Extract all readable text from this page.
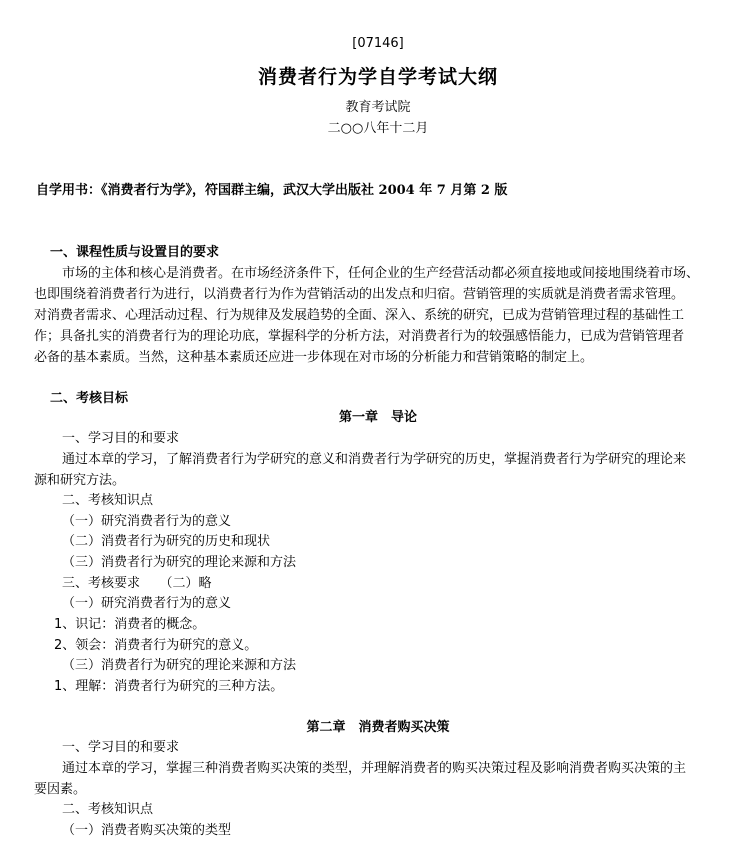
[07146]
消费者行为学自学考试大纲
教育考试院
二○○八年十二月
自学用书：《消费者行为学》，符国群主编，武汉大学出版社 2004 年 7 月第 2 版
一、课程性质与设置目的要求
市场的主体和核心是消费者。在市场经济条件下，任何企业的生产经营活动都必须直接地或间接地围绕着市场、
也即围绕着消费者行为进行，以消费者行为作为营销活动的出发点和归宿。营销管理的实质就是消费者需求管理。
对消费者需求、心理活动过程、行为规律及发展趋势的全面、深入、系统的研究，已成为营销管理过程的基础性工
作；具备扎实的消费者行为的理论功底，掌握科学的分析方法，对消费者行为的较强感悟能力，已成为营销管理者
必备的基本素质。当然，这种基本素质还应进一步体现在对市场的分析能力和营销策略的制定上。
二、考核目标
第一章　导论
一、学习目的和要求
通过本章的学习，了解消费者行为学研究的意义和消费者行为学研究的历史，掌握消费者行为学研究的理论来
源和研究方法。
二、考核知识点
（一）研究消费者行为的意义
（二）消费者行为研究的历史和现状
（三）消费者行为研究的理论来源和方法
三、考核要求　　（二）略
（一）研究消费者行为的意义
1、识记：消费者的概念。
2、领会：消费者行为研究的意义。
（三）消费者行为研究的理论来源和方法
1、理解：消费者行为研究的三种方法。
第二章　消费者购买决策
一、学习目的和要求
通过本章的学习，掌握三种消费者购买决策的类型，并理解消费者的购买决策过程及影响消费者购买决策的主
要因素。
二、考核知识点
（一）消费者购买决策的类型
